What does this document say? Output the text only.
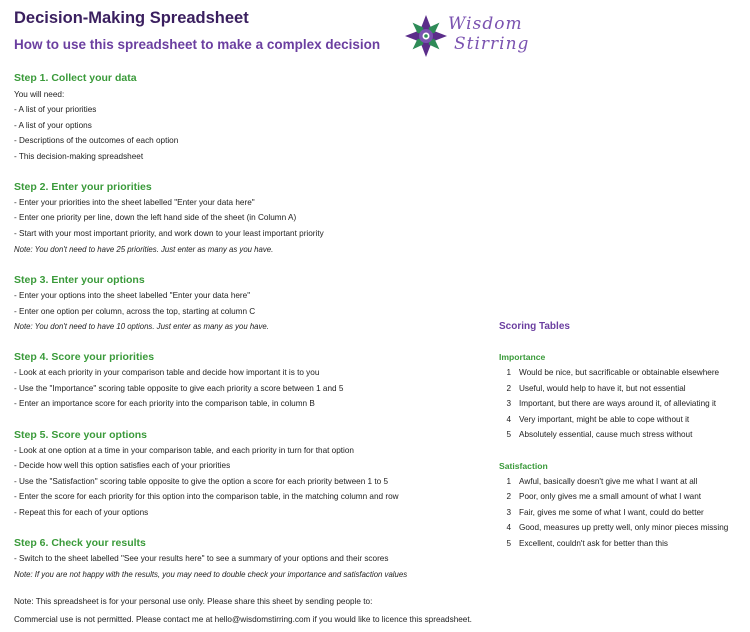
Decision-Making Spreadsheet
How to use this spreadsheet to make a complex decision
Wisdom
Stirring
Step 1. Collect your data
You will need:
- A list of your priorities
- A list of your options
- Descriptions of the outcomes of each option
- This decision-making spreadsheet
Step 2. Enter your priorities
- Enter your priorities into the sheet labelled "Enter your data here"
- Enter one priority per line, down the left hand side of the sheet (in Column A)
- Start with your most important priority, and work down to your least important priority
Note: You don't need to have 25 priorities. Just enter as many as you have.
Step 3. Enter your options
- Enter your options into the sheet labelled "Enter your data here"
- Enter one option per column, across the top, starting at column C
Note: You don't need to have 10 options. Just enter as many as you have.
Step 4. Score your priorities
- Look at each priority in your comparison table and decide how important it is to you
- Use the "Importance" scoring table opposite to give each priority a score between 1 and 5
- Enter an importance score for each priority into the comparison table, in column B
Step 5. Score your options
- Look at one option at a time in your comparison table, and each priority in turn for that option
- Decide how well this option satisfies each of your priorities
- Use the "Satisfaction" scoring table opposite to give the option a score for each priority between 1 to 5
- Enter the score for each priority for this option into the comparison table, in the matching column and row
- Repeat this for each of your options
Step 6. Check your results
- Switch to the sheet labelled "See your results here" to see a summary of your options and their scores
Note: If you are not happy with the results, you may need to double check your importance and satisfaction values
Note: This spreadsheet is for your personal use only. Please share this sheet by sending people to:
Commercial use is not permitted. Please contact me at hello@wisdomstirring.com if you would like to licence this spreadsheet.
Scoring Tables
Importance
1 Would be nice, but sacrificable or obtainable elsewhere
2 Useful, would help to have it, but not essential
3 Important, but there are ways around it, of alleviating it
4 Very important, might be able to cope without it
5 Absolutely essential, cause much stress without
Satisfaction
1 Awful, basically doesn't give me what I want at all
2 Poor, only gives me a small amount of what I want
3 Fair, gives me some of what I want, could do better
4 Good, measures up pretty well, only minor pieces missing
5 Excellent, couldn't ask for better than this
